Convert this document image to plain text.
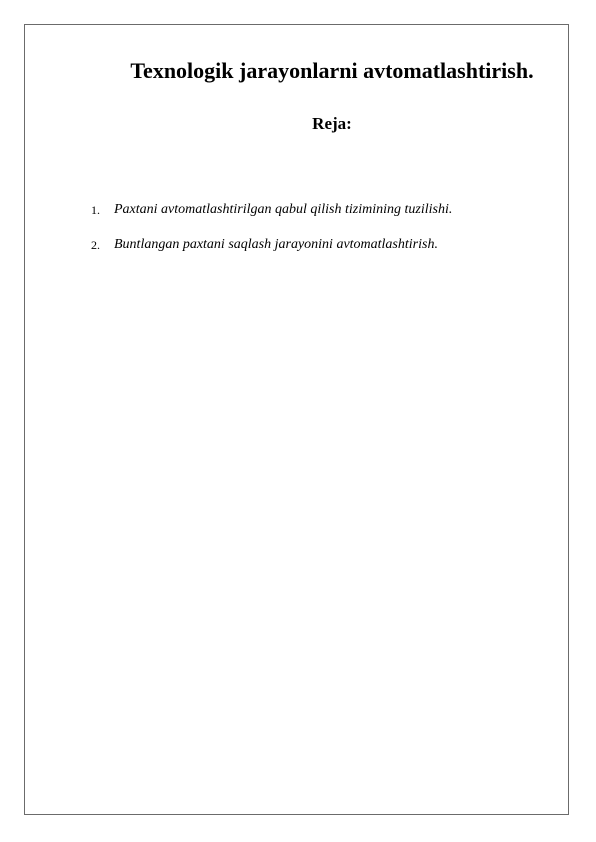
Texnologik jarayonlarni avtomatlashtirish.
Reja:
1. Paxtani avtomatlashtirilgan qabul qilish tizimining tuzilishi.
2. Buntlangan paxtani saqlash jarayonini avtomatlashtirish.
